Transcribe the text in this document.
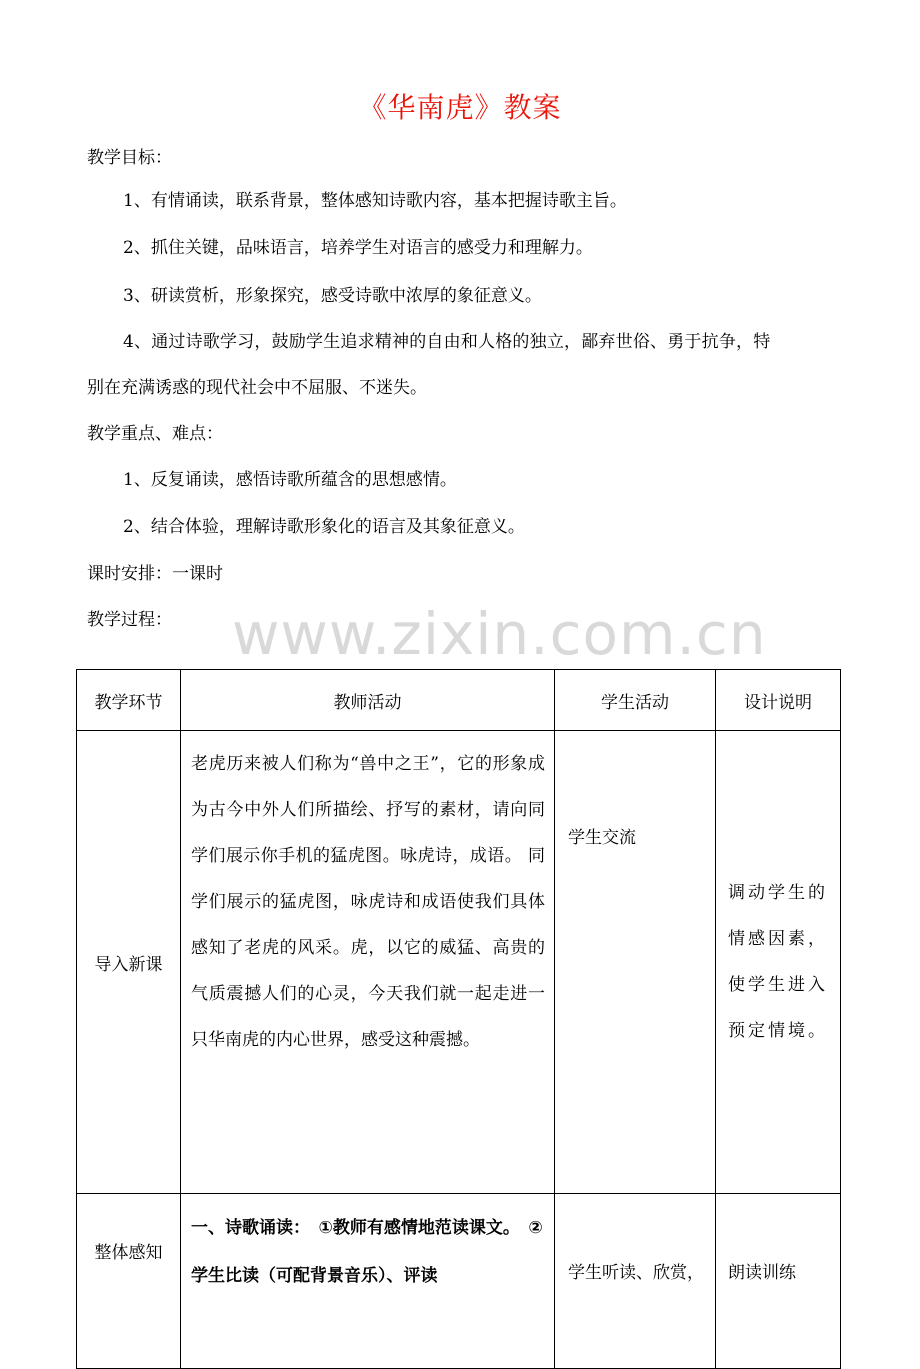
《华南虎》教案
教学目标：
1、有情诵读，联系背景，整体感知诗歌内容，基本把握诗歌主旨。
2、抓住关键，品味语言，培养学生对语言的感受力和理解力。
3、研读赏析，形象探究，感受诗歌中浓厚的象征意义。
4、通过诗歌学习，鼓励学生追求精神的自由和人格的独立，鄙弃世俗、勇于抗争，特
别在充满诱惑的现代社会中不屈服、不迷失。
教学重点、难点：
1、反复诵读，感悟诗歌所蕴含的思想感情。
2、结合体验，理解诗歌形象化的语言及其象征意义。
课时安排：一课时
教学过程： www.zixin.com.cn
教学环节	教师活动	学生活动	设计说明
导入新课	老虎历来被人们称为“兽中之王”，它的形象成为古今中外人们所描绘、抒写的素材，请向同学们展示你手机的猛虎图。咏虎诗，成语。 同学们展示的猛虎图，咏虎诗和成语使我们具体感知了老虎的风采。虎，以它的威猛、高贵的气质震撼人们的心灵，今天我们就一起走进一只华南虎的内心世界，感受这种震撼。	学生交流	调动学生的情感因素，使学生进入预定情境。
整体感知	一、诗歌诵读：　①教师有感情地范读课文。　②学生比读（可配背景音乐）、评读	学生听读、欣赏，	朗读训练
